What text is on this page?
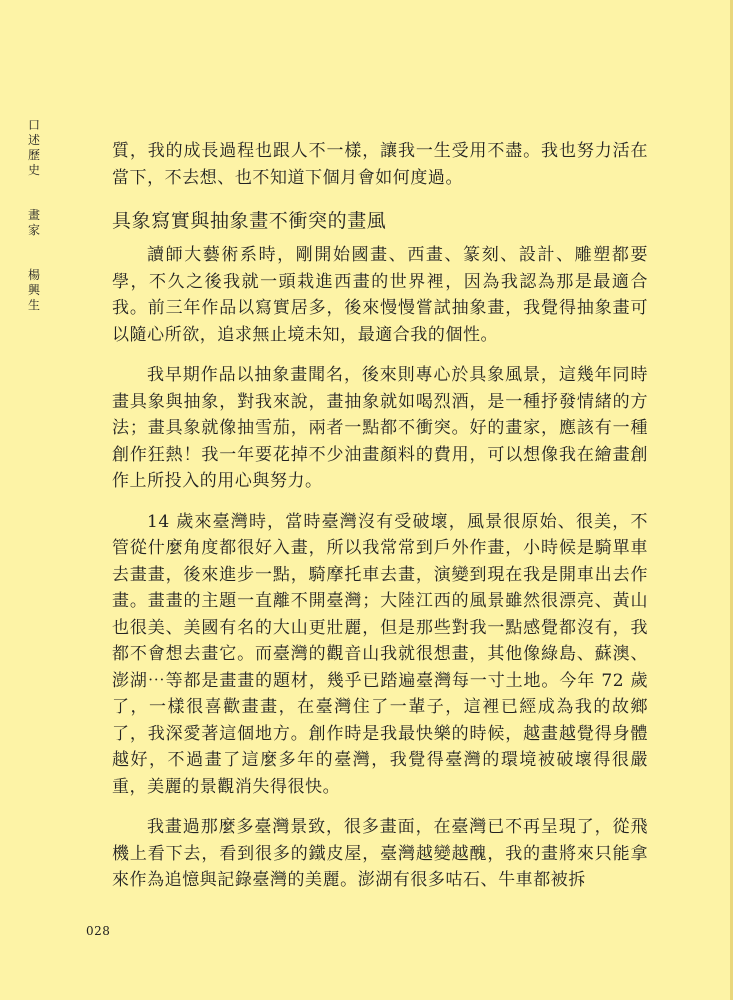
口
述
歷
史
畫
家
楊
興
生

質，我的成長過程也跟人不一樣，讓我一生受用不盡。我也努力活在當下，不去想、也不知道下個月會如何度過。

具象寫實與抽象畫不衝突的畫風

讀師大藝術系時，剛開始國畫、西畫、篆刻、設計、雕塑都要學，不久之後我就一頭栽進西畫的世界裡，因為我認為那是最適合我。前三年作品以寫實居多，後來慢慢嘗試抽象畫，我覺得抽象畫可以隨心所欲，追求無止境未知，最適合我的個性。

我早期作品以抽象畫聞名，後來則專心於具象風景，這幾年同時畫具象與抽象，對我來說，畫抽象就如喝烈酒，是一種抒發情緒的方法；畫具象就像抽雪茄，兩者一點都不衝突。好的畫家，應該有一種創作狂熱！我一年要花掉不少油畫顏料的費用，可以想像我在繪畫創作上所投入的用心與努力。

14 歲來臺灣時，當時臺灣沒有受破壞，風景很原始、很美，不管從什麼角度都很好入畫，所以我常常到戶外作畫，小時候是騎單車去畫畫，後來進步一點，騎摩托車去畫，演變到現在我是開車出去作畫。畫畫的主題一直離不開臺灣；大陸江西的風景雖然很漂亮、黃山也很美、美國有名的大山更壯麗，但是那些對我一點感覺都沒有，我都不會想去畫它。而臺灣的觀音山我就很想畫，其他像綠島、蘇澳、澎湖⋯等都是畫畫的題材，幾乎已踏遍臺灣每一寸土地。今年 72 歲了，一樣很喜歡畫畫，在臺灣住了一輩子，這裡已經成為我的故鄉了，我深愛著這個地方。創作時是我最快樂的時候，越畫越覺得身體越好，不過畫了這麼多年的臺灣，我覺得臺灣的環境被破壞得很嚴重，美麗的景觀消失得很快。

我畫過那麼多臺灣景致，很多畫面，在臺灣已不再呈現了，從飛機上看下去，看到很多的鐵皮屋，臺灣越變越醜，我的畫將來只能拿來作為追憶與記錄臺灣的美麗。澎湖有很多咕石、牛車都被拆

028
